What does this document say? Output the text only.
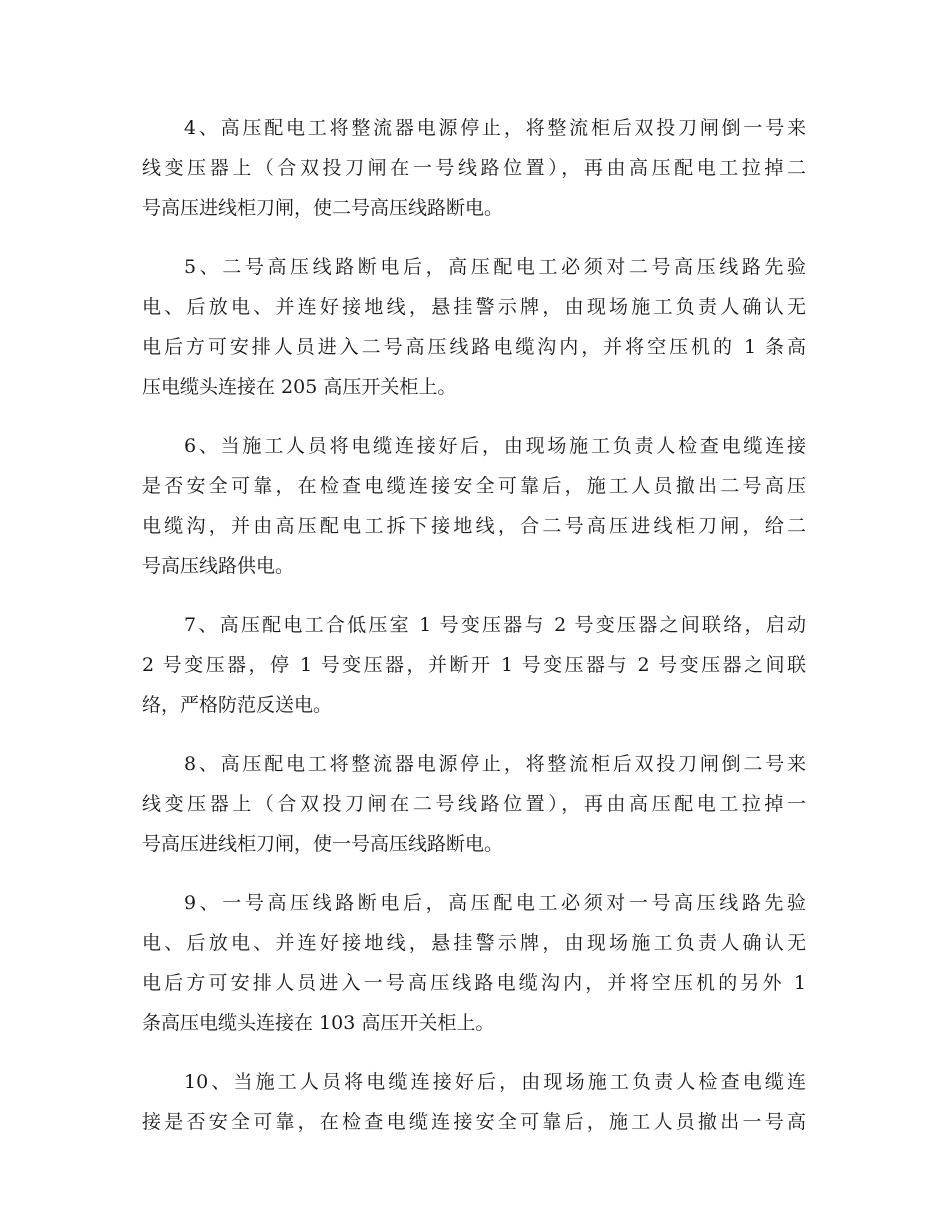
4、高压配电工将整流器电源停止，将整流柜后双投刀闸倒一号来
线变压器上（合双投刀闸在一号线路位置），再由高压配电工拉掉二
号高压进线柜刀闸，使二号高压线路断电。

5、二号高压线路断电后，高压配电工必须对二号高压线路先验
电、后放电、并连好接地线，悬挂警示牌，由现场施工负责人确认无
电后方可安排人员进入二号高压线路电缆沟内，并将空压机的 1 条高
压电缆头连接在 205 高压开关柜上。

6、当施工人员将电缆连接好后，由现场施工负责人检查电缆连接
是否安全可靠，在检查电缆连接安全可靠后，施工人员撤出二号高压
电缆沟，并由高压配电工拆下接地线，合二号高压进线柜刀闸，给二
号高压线路供电。

7、高压配电工合低压室 1 号变压器与 2 号变压器之间联络，启动
2 号变压器，停 1 号变压器，并断开 1 号变压器与 2 号变压器之间联
络，严格防范反送电。

8、高压配电工将整流器电源停止，将整流柜后双投刀闸倒二号来
线变压器上（合双投刀闸在二号线路位置），再由高压配电工拉掉一
号高压进线柜刀闸，使一号高压线路断电。

9、一号高压线路断电后，高压配电工必须对一号高压线路先验
电、后放电、并连好接地线，悬挂警示牌，由现场施工负责人确认无
电后方可安排人员进入一号高压线路电缆沟内，并将空压机的另外 1
条高压电缆头连接在 103 高压开关柜上。

10、当施工人员将电缆连接好后，由现场施工负责人检查电缆连
接是否安全可靠，在检查电缆连接安全可靠后，施工人员撤出一号高
